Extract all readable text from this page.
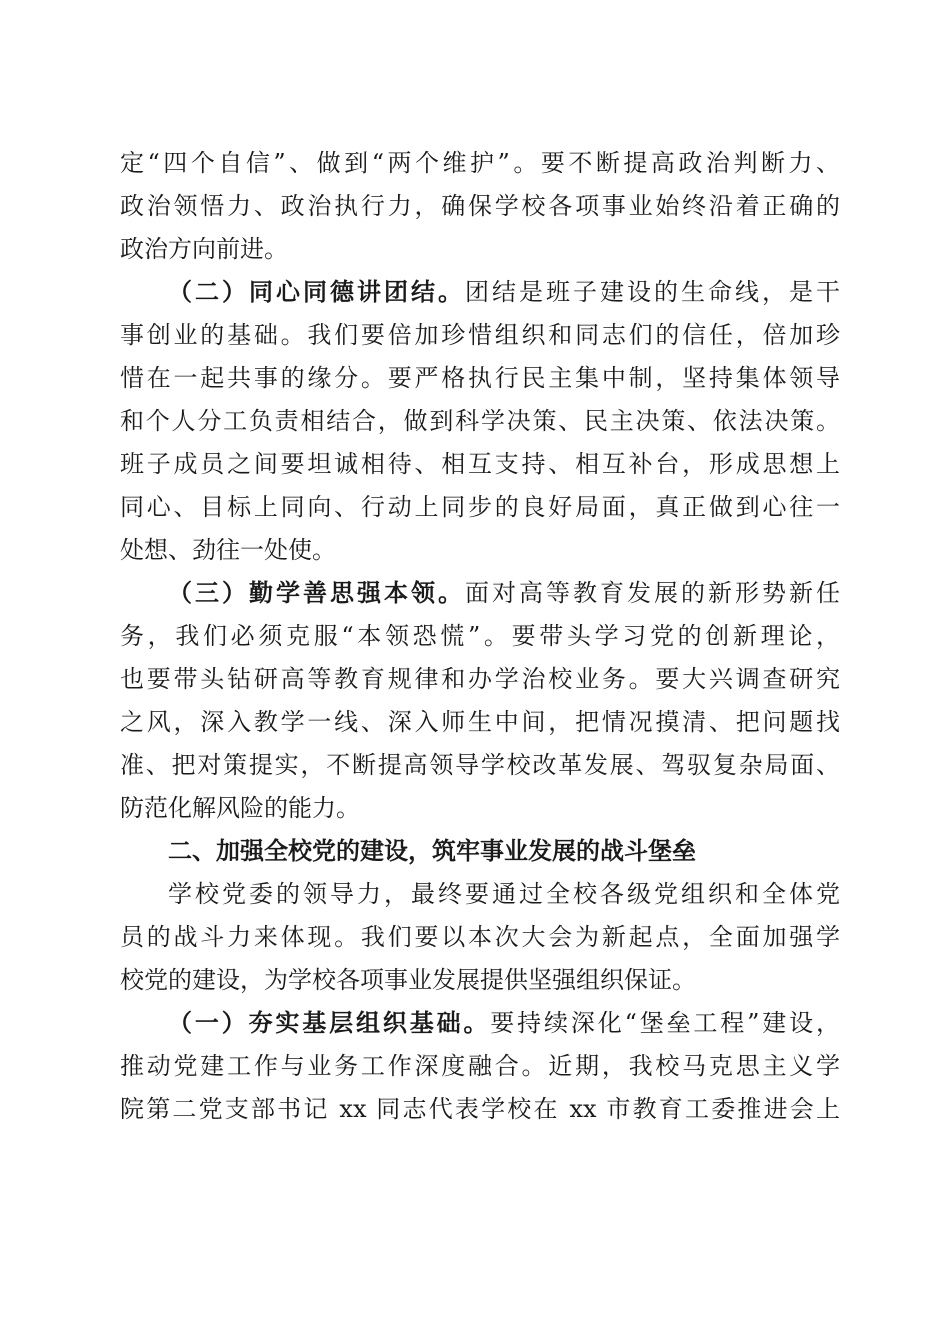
定“四个自信”、做到“两个维护”。要不断提高政治判断力、
政治领悟力、政治执行力，确保学校各项事业始终沿着正确的
政治方向前进。
（二）同心同德讲团结。团结是班子建设的生命线，是干
事创业的基础。我们要倍加珍惜组织和同志们的信任，倍加珍
惜在一起共事的缘分。要严格执行民主集中制，坚持集体领导
和个人分工负责相结合，做到科学决策、民主决策、依法决策。
班子成员之间要坦诚相待、相互支持、相互补台，形成思想上
同心、目标上同向、行动上同步的良好局面，真正做到心往一
处想、劲往一处使。
（三）勤学善思强本领。面对高等教育发展的新形势新任
务，我们必须克服“本领恐慌”。要带头学习党的创新理论，
也要带头钻研高等教育规律和办学治校业务。要大兴调查研究
之风，深入教学一线、深入师生中间，把情况摸清、把问题找
准、把对策提实，不断提高领导学校改革发展、驾驭复杂局面、
防范化解风险的能力。
二、加强全校党的建设，筑牢事业发展的战斗堡垒
学校党委的领导力，最终要通过全校各级党组织和全体党
员的战斗力来体现。我们要以本次大会为新起点，全面加强学
校党的建设，为学校各项事业发展提供坚强组织保证。
（一）夯实基层组织基础。要持续深化“堡垒工程”建设，
推动党建工作与业务工作深度融合。近期，我校马克思主义学
院第二党支部书记 xx 同志代表学校在 xx 市教育工委推进会上
